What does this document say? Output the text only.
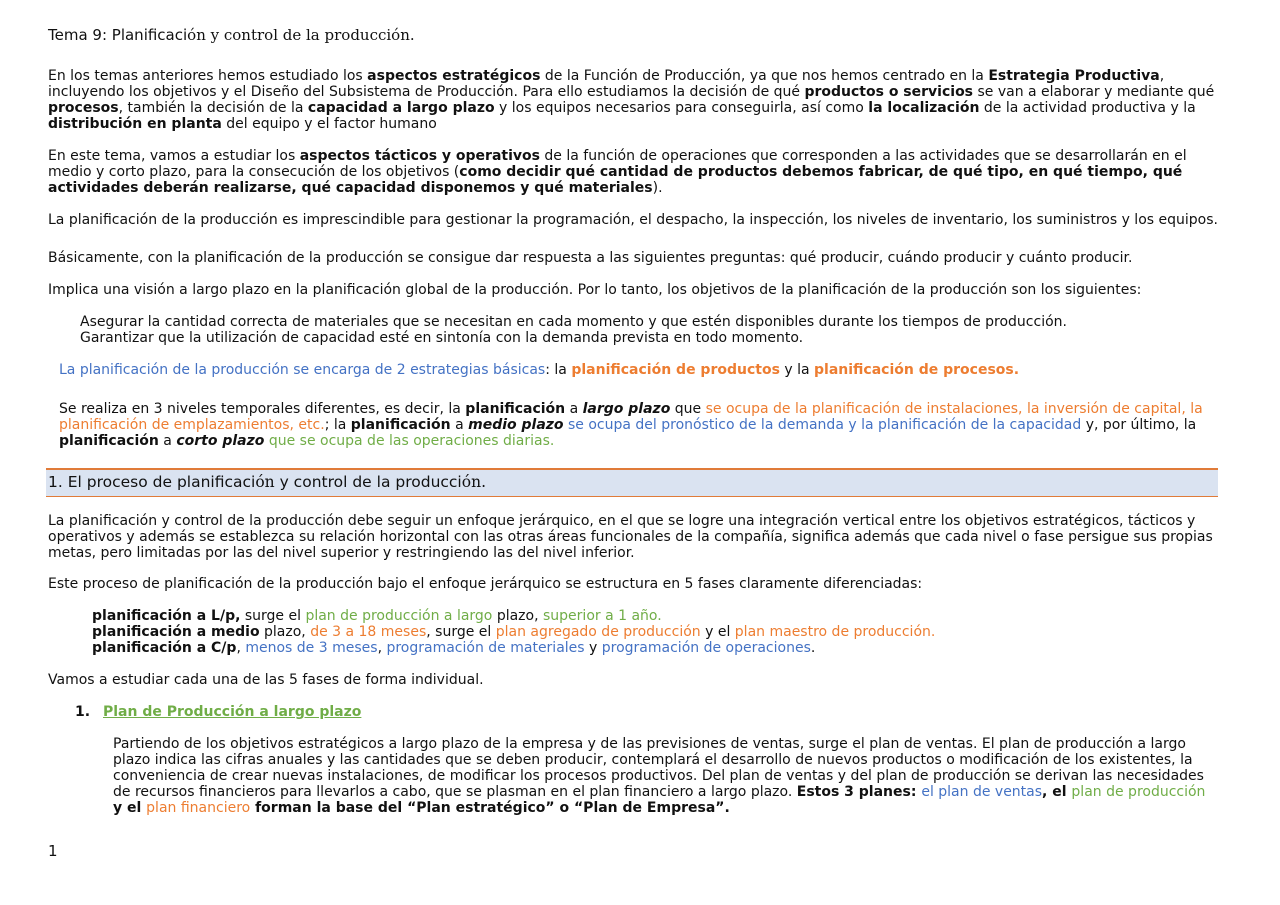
Tema 9: Planificación y control de la producción.

En los temas anteriores hemos estudiado los aspectos estratégicos de la Función de Producción, ya que nos hemos centrado en la Estrategia Productiva, incluyendo los objetivos y el Diseño del Subsistema de Producción. Para ello estudiamos la decisión de qué productos o servicios se van a elaborar y mediante qué procesos, también la decisión de la capacidad a largo plazo y los equipos necesarios para conseguirla, así como la localización de la actividad productiva y la distribución en planta del equipo y el factor humano

En este tema, vamos a estudiar los aspectos tácticos y operativos de la función de operaciones que corresponden a las actividades que se desarrollarán en el medio y corto plazo, para la consecución de los objetivos (como decidir qué cantidad de productos debemos fabricar, de qué tipo, en qué tiempo, qué actividades deberán realizarse, qué capacidad disponemos y qué materiales).

La planificación de la producción es imprescindible para gestionar la programación, el despacho, la inspección, los niveles de inventario, los suministros y los equipos.

Básicamente, con la planificación de la producción se consigue dar respuesta a las siguientes preguntas: qué producir, cuándo producir y cuánto producir.

Implica una visión a largo plazo en la planificación global de la producción. Por lo tanto, los objetivos de la planificación de la producción son los siguientes:

Asegurar la cantidad correcta de materiales que se necesitan en cada momento y que estén disponibles durante los tiempos de producción.
Garantizar que la utilización de capacidad esté en sintonía con la demanda prevista en todo momento.

La planificación de la producción se encarga de 2 estrategias básicas: la planificación de productos y la planificación de procesos.

Se realiza en 3 niveles temporales diferentes, es decir, la planificación a largo plazo que se ocupa de la planificación de instalaciones, la inversión de capital, la planificación de emplazamientos, etc.; la planificación a medio plazo se ocupa del pronóstico de la demanda y la planificación de la capacidad y, por último, la planificación a corto plazo que se ocupa de las operaciones diarias.

1. El proceso de planificación y control de la producción.

La planificación y control de la producción debe seguir un enfoque jerárquico, en el que se logre una integración vertical entre los objetivos estratégicos, tácticos y operativos y además se establezca su relación horizontal con las otras áreas funcionales de la compañía, significa además que cada nivel o fase persigue sus propias metas, pero limitadas por las del nivel superior y restringiendo las del nivel inferior.

Este proceso de planificación de la producción bajo el enfoque jerárquico se estructura en 5 fases claramente diferenciadas:

planificación a L/p, surge el plan de producción a largo plazo, superior a 1 año.
planificación a medio plazo, de 3 a 18 meses, surge el plan agregado de producción y el plan maestro de producción.
planificación a C/p, menos de 3 meses, programación de materiales y programación de operaciones.

Vamos a estudiar cada una de las 5 fases de forma individual.

1. Plan de Producción a largo plazo

Partiendo de los objetivos estratégicos a largo plazo de la empresa y de las previsiones de ventas, surge el plan de ventas. El plan de producción a largo plazo indica las cifras anuales y las cantidades que se deben producir, contemplará el desarrollo de nuevos productos o modificación de los existentes, la conveniencia de crear nuevas instalaciones, de modificar los procesos productivos. Del plan de ventas y del plan de producción se derivan las necesidades de recursos financieros para llevarlos a cabo, que se plasman en el plan financiero a largo plazo. Estos 3 planes: el plan de ventas, el plan de producción y el plan financiero forman la base del “Plan estratégico” o “Plan de Empresa”.

1
